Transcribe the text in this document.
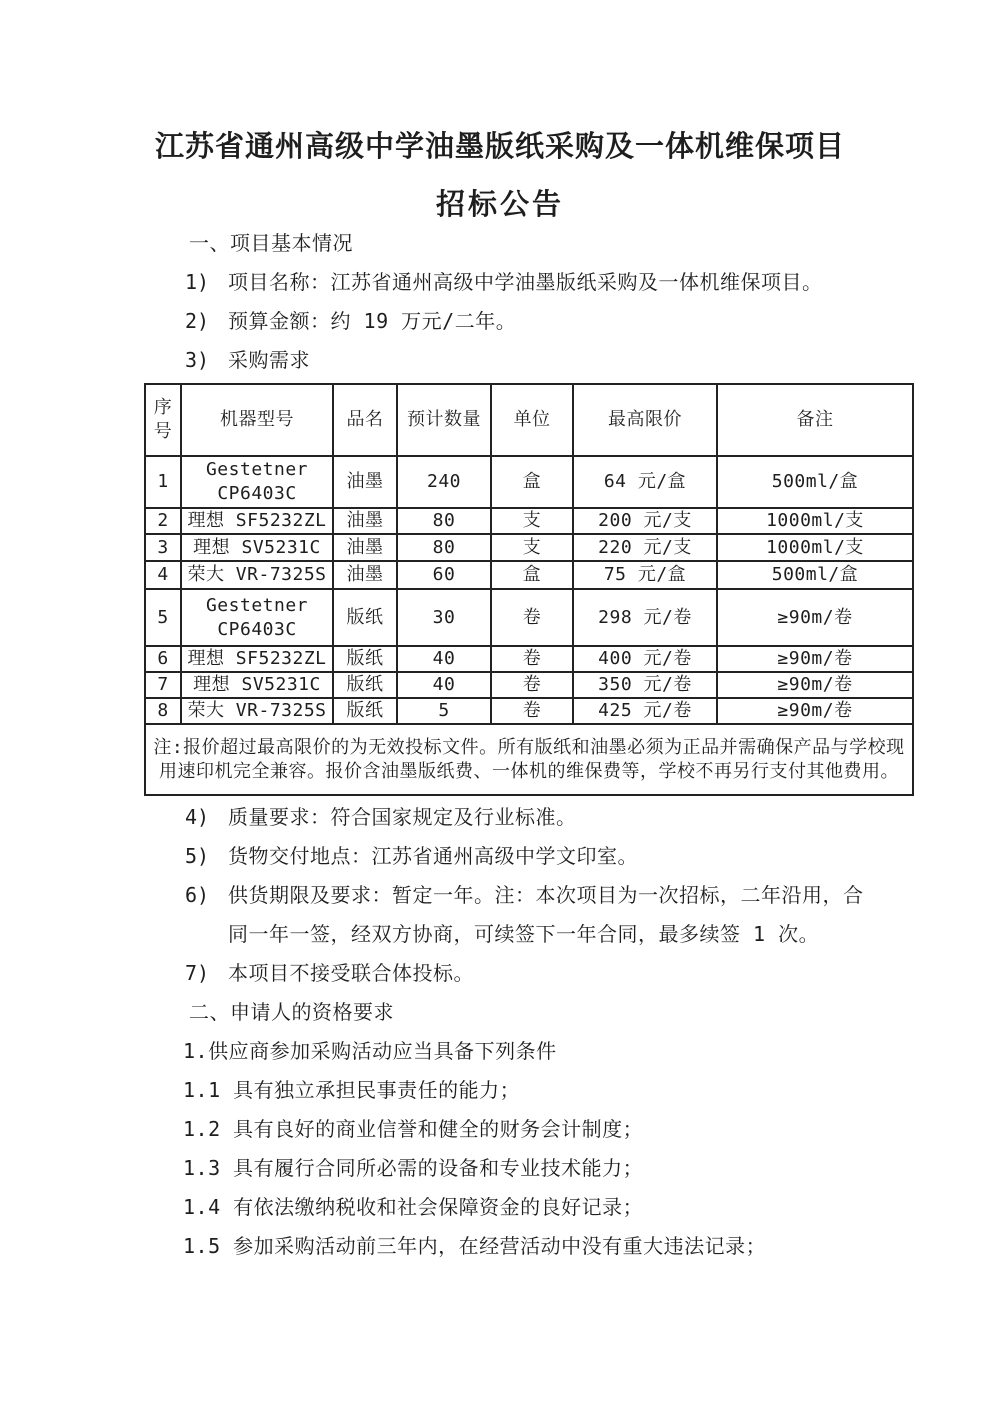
江苏省通州高级中学油墨版纸采购及一体机维保项目
招标公告
一、项目基本情况
1) 项目名称：江苏省通州高级中学油墨版纸采购及一体机维保项目。
2) 预算金额：约 19 万元/二年。
3) 采购需求
序号	机器型号	品名	预计数量	单位	最高限价	备注
1	Gestetner CP6403C	油墨	240	盒	64 元/盒	500ml/盒
2	理想 SF5232ZL	油墨	80	支	200 元/支	1000ml/支
3	理想 SV5231C	油墨	80	支	220 元/支	1000ml/支
4	荣大 VR-7325S	油墨	60	盒	75 元/盒	500ml/盒
5	Gestetner CP6403C	版纸	30	卷	298 元/卷	≥90m/卷
6	理想 SF5232ZL	版纸	40	卷	400 元/卷	≥90m/卷
7	理想 SV5231C	版纸	40	卷	350 元/卷	≥90m/卷
8	荣大 VR-7325S	版纸	5	卷	425 元/卷	≥90m/卷
注:报价超过最高限价的为无效投标文件。所有版纸和油墨必须为正品并需确保产品与学校现用速印机完全兼容。报价含油墨版纸费、一体机的维保费等，学校不再另行支付其他费用。						
4) 质量要求：符合国家规定及行业标准。
5) 货物交付地点：江苏省通州高级中学文印室。
6) 供货期限及要求：暂定一年。注：本次项目为一次招标，二年沿用，合
同一年一签，经双方协商，可续签下一年合同，最多续签 1 次。
7) 本项目不接受联合体投标。
二、申请人的资格要求
1.供应商参加采购活动应当具备下列条件
1.1 具有独立承担民事责任的能力；
1.2 具有良好的商业信誉和健全的财务会计制度；
1.3 具有履行合同所必需的设备和专业技术能力；
1.4 有依法缴纳税收和社会保障资金的良好记录；
1.5 参加采购活动前三年内，在经营活动中没有重大违法记录；
